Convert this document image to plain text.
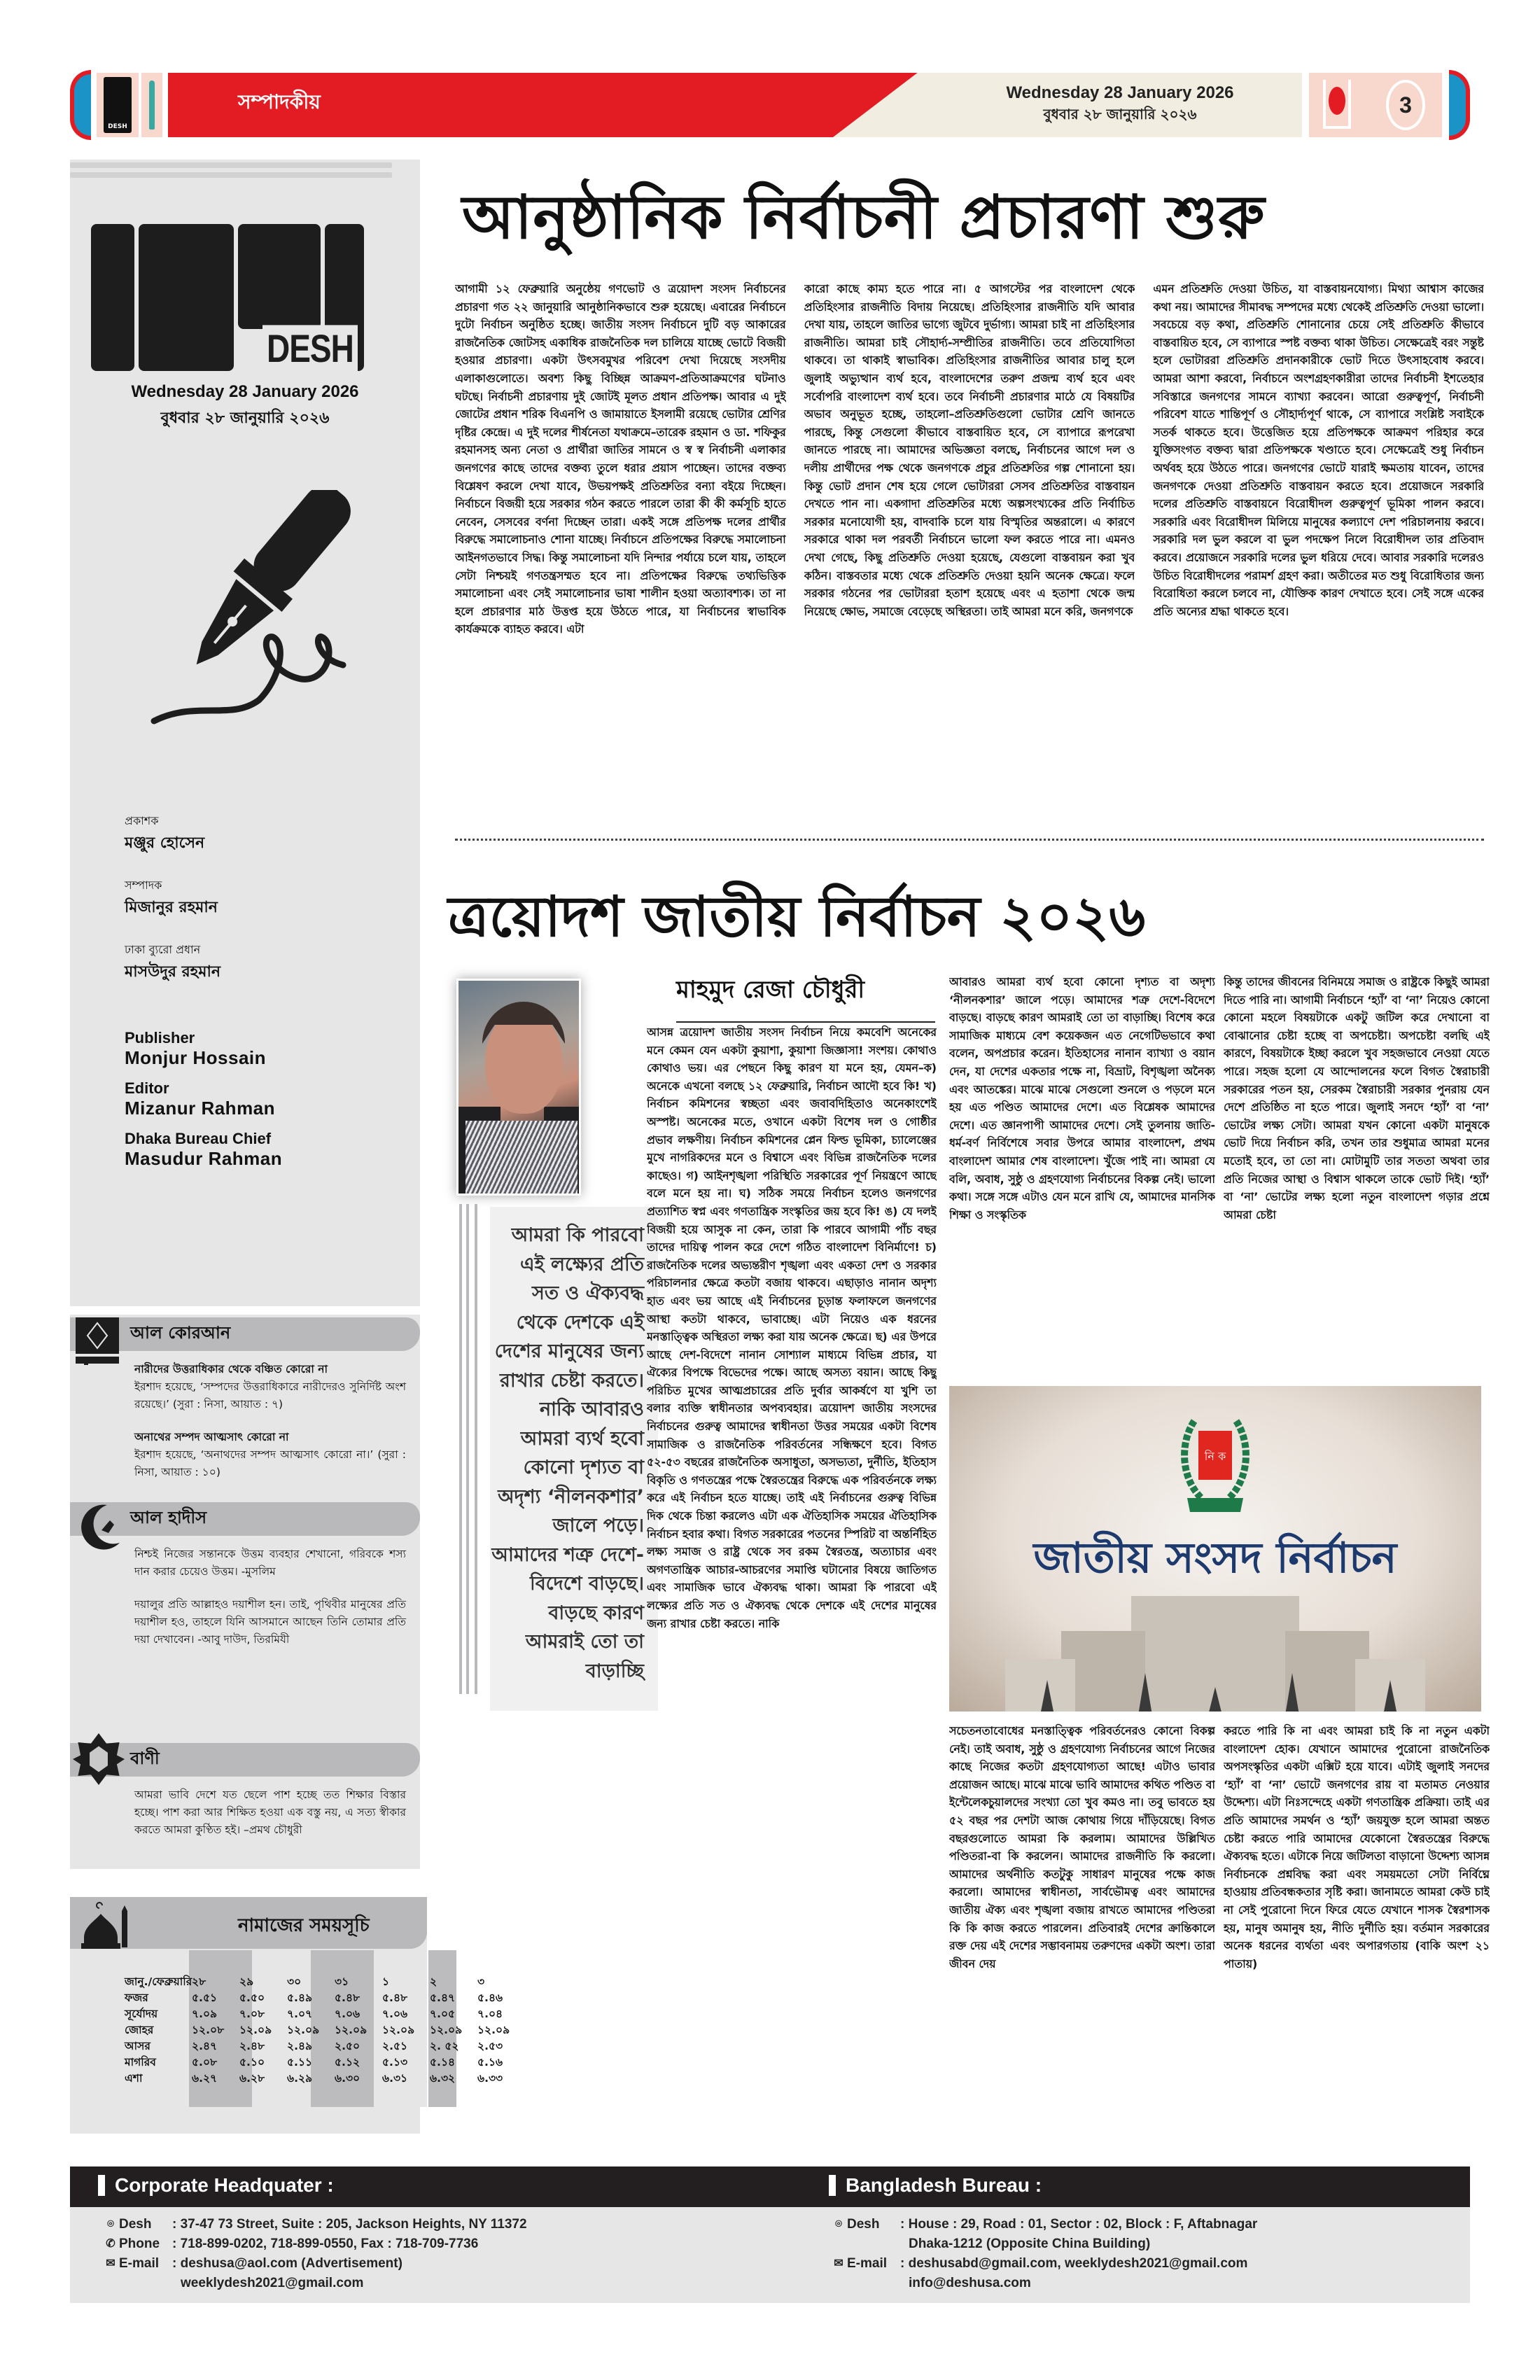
DESH
সম্পাদকীয়	Wednesday 28 January 2026
বুধবার ২৮ জানুয়ারি ২০২৬	3
DESH
Wednesday 28 January 2026
বুধবার ২৮ জানুয়ারি ২০২৬
প্রকাশক
মঞ্জুর হোসেন
সম্পাদক
মিজানুর রহমান
ঢাকা ব্যুরো প্রধান
মাসউদুর রহমান
Publisher
Monjur Hossain
Editor
Mizanur Rahman
Dhaka Bureau Chief
Masudur Rahman
আল কোরআন
নারীদের উত্তরাধিকার থেকে বঞ্চিত কোরো না
ইরশাদ হয়েছে, ‘সম্পদের উত্তরাধিকারে নারীদেরও সুনির্দিষ্ট অংশ রয়েছে।’ (সুরা : নিসা, আয়াত : ৭)
অনাথের সম্পদ আত্মসাৎ কোরো না
ইরশাদ হয়েছে, ‘অনাথদের সম্পদ আত্মসাৎ কোরো না।’ (সুরা : নিসা, আয়াত : ১০)
আল হাদীস
নিশ্চই নিজের সন্তানকে উত্তম ব্যবহার শেখানো, গরিবকে শস্য দান করার চেয়েও উত্তম। -মুসলিম
দয়ালুর প্রতি আল্লাহও দয়াশীল হন। তাই, পৃথিবীর মানুষের প্রতি দয়াশীল হও, তাহলে যিনি আসমানে আছেন তিনি তোমার প্রতি দয়া দেখাবেন। -আবু দাউদ, তিরমিযী
বাণী
আমরা ভাবি দেশে যত ছেলে পাশ হচ্ছে তত শিক্ষার বিস্তার হচ্ছে। পাশ করা আর শিক্ষিত হওয়া এক বস্তু নয়, এ সত্য স্বীকার করতে আমরা কুণ্ঠিত হই। –প্রমথ চৌধুরী
নামাজের সময়সূচি
জানু./ফেব্রুয়ারি ২৮	২৯	৩০	৩১	১	২	৩
ফজর	৫.৫১	৫.৫০	৫.৪৯	৫.৪৮	৫.৪৮	৫.৪৭	৫.৪৬
সূর্যোদয়	৭.০৯	৭.০৮	৭.০৭	৭.০৬	৭.০৬	৭.০৫	৭.০৪
জোহর	১২.০৮	১২.০৯	১২.০৯	১২.০৯	১২.০৯	১২.০৯	১২.০৯
আসর	২.৪৭	২.৪৮	২.৪৯	২.৫০	২.৫১	২. ৫২	২.৫৩
মাগরিব	৫.০৮	৫.১০	৫.১১	৫.১২	৫.১৩	৫.১৪	৫.১৬
এশা	৬.২৭	৬.২৮	৬.২৯	৬.৩০	৬.৩১	৬.৩২	৬.৩৩
আনুষ্ঠানিক নির্বাচনী প্রচারণা শুরু

আগামী ১২ ফেব্রুয়ারি অনুষ্ঠেয় গণভোট ও ত্রয়োদশ সংসদ নির্বাচনের প্রচারণা গত ২২ জানুয়ারি আনুষ্ঠানিকভাবে শুরু হয়েছে। এবারের নির্বাচনে দুটো নির্বাচন অনুষ্ঠিত হচ্ছে। জাতীয় সংসদ নির্বাচনে দুটি বড় আকারের রাজনৈতিক জোটসহ একাধিক রাজনৈতিক দল চালিয়ে যাচ্ছে ভোটে বিজয়ী হওয়ার প্রচারণা। একটা উৎসবমুখর পরিবেশ দেখা দিয়েছে সংসদীয় এলাকাগুলোতে। অবশ্য কিছু বিচ্ছিন্ন আক্রমণ-প্রতিআক্রমণের ঘটনাও ঘটছে। নির্বাচনী প্রচারণায় দুই জোটই মূলত প্রধান প্রতিপক্ষ। আবার এ দুই জোটের প্রধান শরিক বিএনপি ও জামায়াতে ইসলামী রয়েছে ভোটার শ্রেণির দৃষ্টির কেন্দ্রে। এ দুই দলের শীর্ষনেতা যথাক্রমে–তারেক রহমান ও ডা. শফিকুর রহমানসহ অন্য নেতা ও প্রার্থীরা জাতির সামনে ও স্ব স্ব নির্বাচনী এলাকার জনগণের কাছে তাদের বক্তব্য তুলে ধরার প্রয়াস পাচ্ছেন। তাদের বক্তব্য বিশ্লেষণ করলে দেখা যাবে, উভয়পক্ষই প্রতিশ্রুতির বন্যা বইয়ে দিচ্ছেন। নির্বাচনে বিজয়ী হয়ে সরকার গঠন করতে পারলে তারা কী কী কর্মসূচি হাতে নেবেন, সেসবের বর্ণনা দিচ্ছেন তারা। একই সঙ্গে প্রতিপক্ষ দলের প্রার্থীর বিরুদ্ধে সমালোচনাও শোনা যাচ্ছে। নির্বাচনে প্রতিপক্ষের বিরুদ্ধে সমালোচনা আইনগতভাবে সিদ্ধ। কিন্তু সমালোচনা যদি নিন্দার পর্যায়ে চলে যায়, তাহলে সেটা নিশ্চয়ই গণতন্ত্রসম্মত হবে না। প্রতিপক্ষের বিরুদ্ধে তথ্যভিত্তিক সমালোচনা এবং সেই সমালোচনার ভাষা শালীন হওয়া অত্যাবশ্যক। তা না হলে প্রচারণার মাঠ উত্তপ্ত হয়ে উঠতে পারে, যা নির্বাচনের স্বাভাবিক কার্যক্রমকে ব্যাহত করবে। এটা

কারো কাছে কাম্য হতে পারে না। ৫ আগস্টের পর বাংলাদেশ থেকে প্রতিহিংসার রাজনীতি বিদায় নিয়েছে। প্রতিহিংসার রাজনীতি যদি আবার দেখা যায়, তাহলে জাতির ভাগ্যে জুটবে দুর্ভাগ্য। আমরা চাই না প্রতিহিংসার রাজনীতি। আমরা চাই সৌহার্দ্য-সম্প্রীতির রাজনীতি। তবে প্রতিযোগিতা থাকবে। তা থাকাই স্বাভাবিক। প্রতিহিংসার রাজনীতির আবার চালু হলে জুলাই অভ্যুত্থান ব্যর্থ হবে, বাংলাদেশের তরুণ প্রজন্ম ব্যর্থ হবে এবং সর্বোপরি বাংলাদেশ ব্যর্থ হবে। তবে নির্বাচনী প্রচারণার মাঠে যে বিষয়টির অভাব অনুভূত হচ্ছে, তাহলো–প্রতিশ্রুতিগুলো ভোটার শ্রেণি জানতে পারছে, কিন্তু সেগুলো কীভাবে বাস্তবায়িত হবে, সে ব্যাপারে রূপরেখা জানতে পারছে না। আমাদের অভিজ্ঞতা বলছে, নির্বাচনের আগে দল ও দলীয় প্রার্থীদের পক্ষ থেকে জনগণকে প্রচুর প্রতিশ্রুতির গল্প শোনানো হয়। কিন্তু ভোট প্রদান শেষ হয়ে গেলে ভোটাররা সেসব প্রতিশ্রুতির বাস্তবায়ন দেখতে পান না। একগাদা প্রতিশ্রুতির মধ্যে অল্পসংখ্যকের প্রতি নির্বাচিত সরকার মনোযোগী হয়, বাদবাকি চলে যায় বিস্মৃতির অন্তরালে। এ কারণে সরকারে থাকা দল পরবর্তী নির্বাচনে ভালো ফল করতে পারে না। এমনও দেখা গেছে, কিছু প্রতিশ্রুতি দেওয়া হয়েছে, যেগুলো বাস্তবায়ন করা খুব কঠিন। বাস্তবতার মধ্যে থেকে প্রতিশ্রুতি দেওয়া হয়নি অনেক ক্ষেত্রে। ফলে সরকার গঠনের পর ভোটাররা হতাশ হয়েছে এবং এ হতাশা থেকে জন্ম নিয়েছে ক্ষোভ, সমাজে বেড়েছে অস্থিরতা। তাই আমরা মনে করি, জনগণকে

এমন প্রতিশ্রুতি দেওয়া উচিত, যা বাস্তবায়নযোগ্য। মিথ্যা আশ্বাস কাজের কথা নয়। আমাদের সীমাবদ্ধ সম্পদের মধ্যে থেকেই প্রতিশ্রুতি দেওয়া ভালো। সবচেয়ে বড় কথা, প্রতিশ্রুতি শোনানোর চেয়ে সেই প্রতিশ্রুতি কীভাবে বাস্তবায়িত হবে, সে ব্যাপারে স্পষ্ট বক্তব্য থাকা উচিত। সেক্ষেত্রেই বরং সন্তুষ্ট হলে ভোটাররা প্রতিশ্রুতি প্রদানকারীকে ভোট দিতে উৎসাহবোধ করবে। আমরা আশা করবো, নির্বাচনে অংশগ্রহণকারীরা তাদের নির্বাচনী ইশতেহার সবিস্তারে জনগণের সামনে ব্যাখ্যা করবেন। আরো গুরুত্বপূর্ণ, নির্বাচনী পরিবেশ যাতে শান্তিপূর্ণ ও সৌহার্দ্যপূর্ণ থাকে, সে ব্যাপারে সংশ্লিষ্ট সবাইকে সতর্ক থাকতে হবে। উত্তেজিত হয়ে প্রতিপক্ষকে আক্রমণ পরিহার করে যুক্তিসংগত বক্তব্য দ্বারা প্রতিপক্ষকে খণ্ডাতে হবে। সেক্ষেত্রেই শুধু নির্বাচন অর্থবহ হয়ে উঠতে পারে। জনগণের ভোটে যারাই ক্ষমতায় যাবেন, তাদের জনগণকে দেওয়া প্রতিশ্রুতি বাস্তবায়ন করতে হবে। প্রয়োজনে সরকারি দলের প্রতিশ্রুতি বাস্তবায়নে বিরোধীদল গুরুত্বপূর্ণ ভূমিকা পালন করবে। সরকারি এবং বিরোধীদল মিলিয়ে মানুষের কল্যাণে দেশ পরিচালনায় করবে। সরকারি দল ভুল করলে বা ভুল পদক্ষেপ নিলে বিরোধীদল তার প্রতিবাদ করবে। প্রয়োজনে সরকারি দলের ভুল ধরিয়ে দেবে। আবার সরকারি দলেরও উচিত বিরোধীদলের পরামর্শ গ্রহণ করা। অতীতের মত শুধু বিরোধিতার জন্য বিরোধিতা করলে চলবে না, যৌক্তিক কারণ দেখাতে হবে। সেই সঙ্গে একের প্রতি অন্যের শ্রদ্ধা থাকতে হবে।

ত্রয়োদশ জাতীয় নির্বাচন ২০২৬
মাহমুদ রেজা চৌধুরী
আমরা কি পারবো এই লক্ষ্যের প্রতি সত ও ঐক্যবদ্ধ থেকে দেশকে এই দেশের মানুষের জন্য রাখার চেষ্টা করতে। নাকি আবারও আমরা ব্যর্থ হবো কোনো দৃশ্যত বা অদৃশ্য ‘নীলনকশার’ জালে পড়ে। আমাদের শত্রু দেশে-বিদেশে বাড়ছে। বাড়ছে কারণ আমরাই তো তা বাড়াচ্ছি

আসন্ন ত্রয়োদশ জাতীয় সংসদ নির্বাচন নিয়ে কমবেশি অনেকের মনে কেমন যেন একটা কুয়াশা, কুয়াশা জিজ্ঞাসা! সংশয়। কোথাও কোথাও ভয়। এর পেছনে কিছু কারণ যা মনে হয়, যেমন–ক) অনেকে এখনো বলছে ১২ ফেব্রুয়ারি, নির্বাচন আদৌ হবে কি! খ) নির্বাচন কমিশনের স্বচ্ছতা এবং জবাবদিহিতাও অনেকাংশেই অস্পষ্ট। অনেকের মতে, ওখানে একটা বিশেষ দল ও গোষ্ঠীর প্রভাব লক্ষণীয়। নির্বাচন কমিশনের প্লেন ফিল্ড ভূমিকা, চ্যালেঞ্জের মুখে নাগরিকদের মনে ও বিশ্বাসে এবং বিভিন্ন রাজনৈতিক দলের কাছেও। গ) আইনশৃঙ্খলা পরিস্থিতি সরকারের পূর্ণ নিয়ন্ত্রণে আছে বলে মনে হয় না। ঘ) সঠিক সময়ে নির্বাচন হলেও জনগণের প্রত্যাশিত স্বপ্ন এবং গণতান্ত্রিক সংস্কৃতির জয় হবে কি! ঙ) যে দলই বিজয়ী হয়ে আসুক না কেন, তারা কি পারবে আগামী পাঁচ বছর তাদের দায়িত্ব পালন করে দেশে গঠিত বাংলাদেশ বিনির্মাণে! চ) রাজনৈতিক দলের অভ্যন্তরীণ শৃঙ্খলা এবং একতা দেশ ও সরকার পরিচালনার ক্ষেত্রে কতটা বজায় থাকবে। এছাড়াও নানান অদৃশ্য হাত এবং ভয় আছে এই নির্বাচনের চূড়ান্ত ফলাফলে জনগণের আস্থা কতটা থাকবে, ভাবাচ্ছে। এটা নিয়েও এক ধরনের মনস্তাত্ত্বিক অস্থিরতা লক্ষ্য করা যায় অনেক ক্ষেত্রে। ছ) এর উপরে আছে দেশ-বিদেশে নানান সোশ্যাল মাধ্যমে বিভিন্ন প্রচার, যা ঐক্যের বিপক্ষে বিভেদের পক্ষে। আছে অসত্য বয়ান। আছে কিছু পরিচিত মুখের আত্মপ্রচারের প্রতি দুর্বার আকর্ষণে যা খুশি তা বলার ব্যক্তি স্বাধীনতার অপব্যবহার। ত্রয়োদশ জাতীয় সংসদের নির্বাচনের গুরুত্ব আমাদের স্বাধীনতা উত্তর সময়ের একটা বিশেষ সামাজিক ও রাজনৈতিক পরিবর্তনের সন্ধিক্ষণে হবে। বিগত ৫২-৫৩ বছরের রাজনৈতিক অসাধুতা, অসভ্যতা, দুর্নীতি, ইতিহাস বিকৃতি ও গণতন্ত্রের পক্ষে স্বৈরতন্ত্রের বিরুদ্ধে এক পরিবর্তনকে লক্ষ্য করে এই নির্বাচন হতে যাচ্ছে। তাই এই নির্বাচনের গুরুত্ব বিভিন্ন দিক থেকে চিন্তা করলেও এটা এক ঐতিহাসিক সময়ের ঐতিহাসিক নির্বাচন হবার কথা। বিগত সরকারের পতনের স্পিরিট বা অন্তর্নিহিত লক্ষ্য সমাজ ও রাষ্ট্র থেকে সব রকম স্বৈরতন্ত্র, অত্যাচার এবং অগণতান্ত্রিক আচার-আচরণের সমাপ্তি ঘটানোর বিষয়ে জাতিগত এবং সামাজিক ভাবে ঐক্যবদ্ধ থাকা। আমরা কি পারবো এই লক্ষ্যের প্রতি সত ও ঐক্যবদ্ধ থেকে দেশকে এই দেশের মানুষের জন্য রাখার চেষ্টা করতে। নাকি

আবারও আমরা ব্যর্থ হবো কোনো দৃশ্যত বা অদৃশ্য ‘নীলনকশার’ জালে পড়ে। আমাদের শত্রু দেশে-বিদেশে বাড়ছে। বাড়ছে কারণ আমরাই তো তা বাড়াচ্ছি। বিশেষ করে সামাজিক মাধ্যমে বেশ কয়েকজন এত নেগেটিভভাবে কথা বলেন, অপপ্রচার করেন। ইতিহাসের নানান ব্যাখ্যা ও বয়ান দেন, যা দেশের একতার পক্ষে না, বিভ্রাট, বিশৃঙ্খলা অনৈক্য এবং আতঙ্কের। মাঝে মাঝে সেগুলো শুনলে ও পড়লে মনে হয় এত পণ্ডিত আমাদের দেশে। এত বিশ্লেষক আমাদের দেশে। এত জ্ঞানপাপী আমাদের দেশে। সেই তুলনায় জাতি-ধর্ম-বর্ণ নির্বিশেষে সবার উপরে আমার বাংলাদেশ, প্রথম বাংলাদেশ আমার শেষ বাংলাদেশ। খুঁজে পাই না। আমরা যে বলি, অবাধ, সুষ্ঠু ও গ্রহণযোগ্য নির্বাচনের বিকল্প নেই। ভালো কথা। সঙ্গে সঙ্গে এটাও যেন মনে রাখি যে, আমাদের মানসিক শিক্ষা ও সংস্কৃতিক

কিন্তু তাদের জীবনের বিনিময়ে সমাজ ও রাষ্ট্রকে কিছুই আমরা দিতে পারি না। আগামী নির্বাচনে ‘হ্যাঁ’ বা ‘না’ নিয়েও কোনো কোনো মহলে বিষয়টাকে একটু জটিল করে দেখানো বা বোঝানোর চেষ্টা হচ্ছে বা অপচেষ্টা। অপচেষ্টা বলছি এই কারণে, বিষয়টাকে ইচ্ছা করলে খুব সহজভাবে নেওয়া যেতে পারে। সহজ হলো যে আন্দোলনের ফলে বিগত স্বৈরাচারী সরকারের পতন হয়, সেরকম স্বৈরাচারী সরকার পুনরায় যেন দেশে প্রতিষ্ঠিত না হতে পারে। জুলাই সনদে ‘হ্যাঁ’ বা ‘না’ ভোটের লক্ষ্য সেটা। আমরা যখন কোনো একটা মানুষকে ভোট দিয়ে নির্বাচন করি, তখন তার শুধুমাত্র আমরা মনের মতোই হবে, তা তো না। মোটামুটি তার সততা অথবা তার প্রতি নিজের আস্থা ও বিশ্বাস থাকলে তাকে ভোট দিই। ‘হ্যাঁ’ বা ‘না’ ভোটের লক্ষ্য হলো নতুন বাংলাদেশ গড়ার প্রশ্নে আমরা চেষ্টা

নি ক
জাতীয় সংসদ নির্বাচন

সচেতনতাবোধের মনস্তাত্ত্বিক পরিবর্তনেরও কোনো বিকল্প নেই। তাই অবাধ, সুষ্ঠু ও গ্রহণযোগ্য নির্বাচনের আগে নিজের কাছে নিজের কতটা গ্রহণযোগ্যতা আছে! এটাও ভাবার প্রয়োজন আছে। মাঝে মাঝে ভাবি আমাদের কথিত পণ্ডিত বা ইন্টেলেকচুয়ালদের সংখ্যা তো খুব কমও না। তবু ভাবতে হয় ৫২ বছর পর দেশটা আজ কোথায় গিয়ে দাঁড়িয়েছে। বিগত বছরগুলোতে আমরা কি করলাম। আমাদের উল্লিখিত পণ্ডিতরা-বা কি করলেন। আমাদের রাজনীতি কি করলো। আমাদের অর্থনীতি কতটুকু সাধারণ মানুষের পক্ষে কাজ করলো। আমাদের স্বাধীনতা, সার্বভৌমত্ব এবং আমাদের জাতীয় ঐক্য এবং শৃঙ্খলা বজায় রাখতে আমাদের পণ্ডিতরা কি কি কাজ করতে পারলেন। প্রতিবারই দেশের ক্রান্তিকালে রক্ত দেয় এই দেশের সম্ভাবনাময় তরুণদের একটা অংশ। তারা জীবন দেয়

করতে পারি কি না এবং আমরা চাই কি না নতুন একটা বাংলাদেশ হোক। যেখানে আমাদের পুরোনো রাজনৈতিক অপসংস্কৃতির একটা এক্সিট হয়ে যাবে। এটাই জুলাই সনদের ‘হ্যাঁ’ বা ‘না’ ভোটে জনগণের রায় বা মতামত নেওয়ার উদ্দেশ্য। এটা নিঃসন্দেহে একটা গণতান্ত্রিক প্রক্রিয়া। তাই এর প্রতি আমাদের সমর্থন ও ‘হ্যাঁ’ জয়যুক্ত হলে আমরা অন্তত চেষ্টা করতে পারি আমাদের যেকোনো স্বৈরতন্ত্রের বিরুদ্ধে ঐক্যবদ্ধ হতে। এটাকে নিয়ে জটিলতা বাড়ানো উদ্দেশ্য আসন্ন নির্বাচনকে প্রশ্নবিদ্ধ করা এবং সময়মতো সেটা নির্বিঘ্নে হাওয়ায় প্রতিবন্ধকতার সৃষ্টি করা। জানামতে আমরা কেউ চাই না সেই পুরোনো দিনে ফিরে যেতে যেখানে শাসক স্বৈরশাসক হয়, মানুষ অমানুষ হয়, নীতি দুর্নীতি হয়। বর্তমান সরকারের অনেক ধরনের ব্যর্থতা এবং অপারগতায় (বাকি অংশ ২১ পাতায়)

Corporate Headquater :	Bangladesh Bureau :
⌾ Desh : 37-47 73 Street, Suite : 205, Jackson Heights, NY 11372
✆ Phone : 718-899-0202, 718-899-0550, Fax : 718-709-7736
✉ E-mail : deshusa@aol.com (Advertisement)
weeklydesh2021@gmail.com
⌾ Desh : House : 29, Road : 01, Sector : 02, Block : F, Aftabnagar
Dhaka-1212 (Opposite China Building)
✉ E-mail : deshusabd@gmail.com, weeklydesh2021@gmail.com
info@deshusa.com
